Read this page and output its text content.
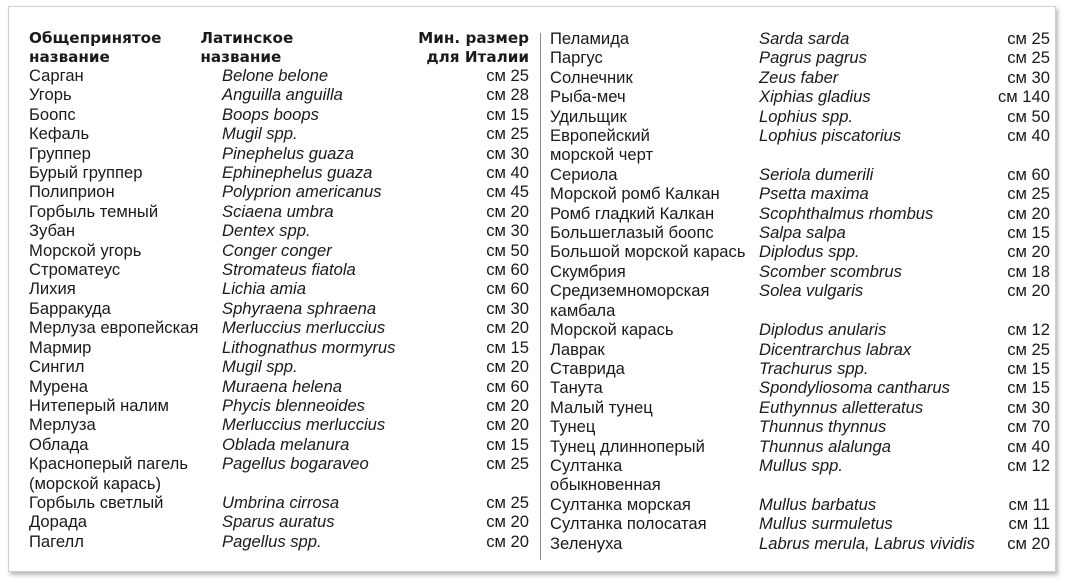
Общепринятое
название
Латинское
название
Мин. размер
для Италии
Сарган	Belone belone	см 25
Угорь	Anguilla anguilla	см 28
Боопс	Boops boops	см 15
Кефаль	Mugil spp.	см 25
Группер	Pinephelus guaza	см 30
Бурый группер	Ephinephelus guaza	см 40
Полиприон	Polyprion americanus	см 45
Горбыль темный	Sciaena umbra	см 20
Зубан	Dentex spp.	см 30
Морской угорь	Conger conger	см 50
Строматеус	Stromateus fiatola	см 60
Лихия	Lichia amia	см 60
Барракуда	Sphyraena sphraena	см 30
Мерлуза европейская	Merluccius merluccius	см 20
Мармир	Lithognathus mormyrus	см 15
Сингил	Mugil spp.	см 20
Мурена	Muraena helena	см 60
Нитеперый налим	Phycis blenneoides	см 20
Мерлуза	Merluccius merluccius	см 20
Облада	Oblada melanura	см 15
Красноперый пагель	Pagellus bogaraveo	см 25
(морской карась)
Горбыль светлый	Umbrina cirrosa	см 25
Дорада	Sparus auratus	см 20
Пагелл	Pagellus spp.	см 20
Пеламида	Sarda sarda	см 25
Паргус	Pagrus pagrus	см 25
Солнечник	Zeus faber	см 30
Рыба-меч	Xiphias gladius	см 140
Удильщик	Lophius spp.	см 50
Европейский	Lophius piscatorius	см 40
морской черт
Сериола	Seriola dumerili	см 60
Морской ромб Калкан	Psetta maxima	см 25
Ромб гладкий Калкан	Scophthalmus rhombus	см 20
Большеглазый боопс	Salpa salpa	см 15
Большой морской карась Diplodus spp.	см 20
Скумбрия	Scomber scombrus	см 18
Средиземноморская	Solea vulgaris	см 20
камбала
Морской карась	Diplodus anularis	см 12
Лаврак	Dicentrarchus labrax	см 25
Ставрида	Trachurus spp.	см 15
Танута	Spondyliosoma cantharus	см 15
Малый тунец	Euthynnus alletteratus	см 30
Тунец	Thunnus thynnus	см 70
Тунец длинноперый	Thunnus alalunga	см 40
Султанка	Mullus spp.	см 12
обыкновенная
Султанка морская	Mullus barbatus	см 11
Султанка полосатая	Mullus surmuletus	см 11
Зеленуха	Labrus merula, Labrus vividis	см 20
